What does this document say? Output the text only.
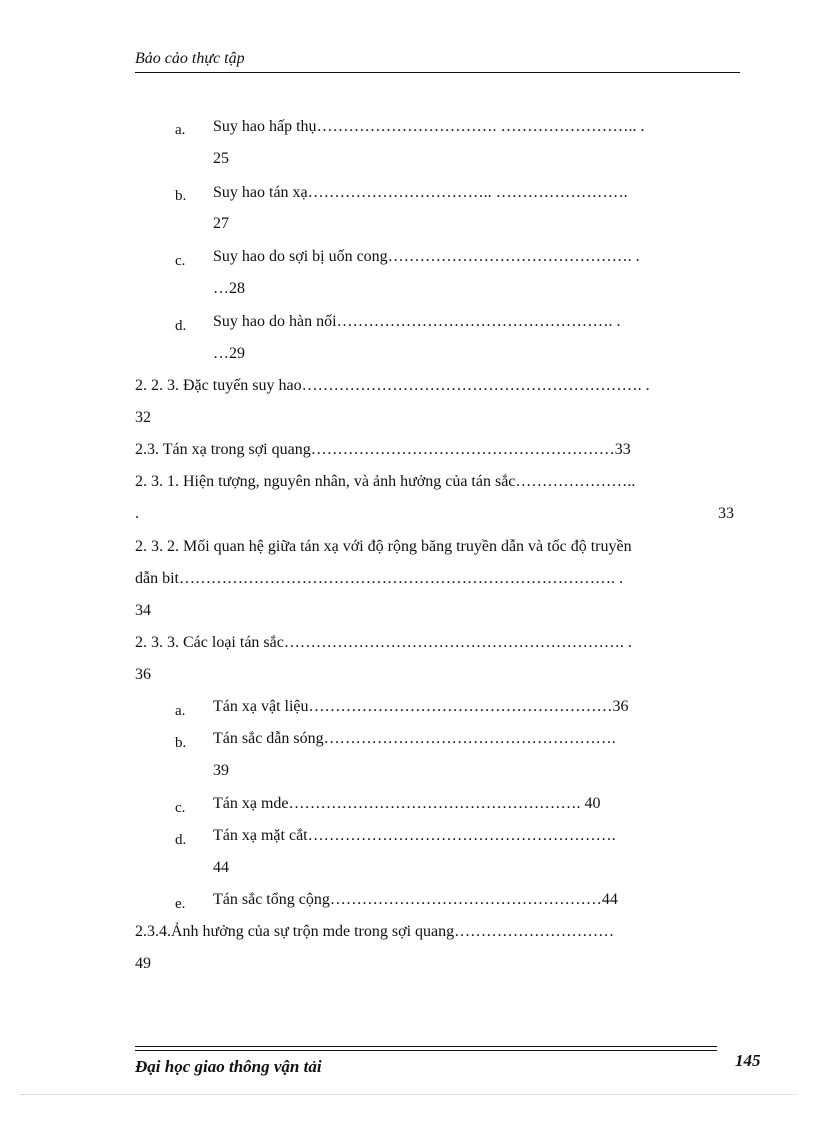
Bảo cảo thực tập
a. Suy hao hấp thụ……………………………. …………………….. .
25
b. Suy hao tán xạ…………………………….. …………………….
27
c. Suy hao do sợi bị uốn cong………………………………………. .
…28
d. Suy hao do hàn nối……………………………………………. .
…29
2. 2. 3. Đặc tuyến suy hao………………………………………………………. .
32
2.3. Tán xạ trong sợi quang…………………………………………………33
2. 3. 1. Hiện tượng, nguyên nhân, và ảnh hưởng của tán sắc…………………..
.	33
2. 3. 2. Mối quan hệ giữa tán xạ với độ rộng băng truyền dẫn và tốc độ truyền
dẫn bit………………………………………………………………………. .
34
2. 3. 3. Các loại tán sắc………………………………………………………. .
36
a. Tán xạ vật liệu…………………………………………………36
b. Tán sắc dẫn sóng……………………………………………….
39
c. Tán xạ mde………………………………………………. 40
d. Tán xạ mặt cắt………………………………………………….
44
e. Tán sắc tổng cộng……………………………………………44
2.3.4.Ảnh hưởng của sự trộn mde trong sợi quang…………………………
49
Đại học giao thông vận tải	145
